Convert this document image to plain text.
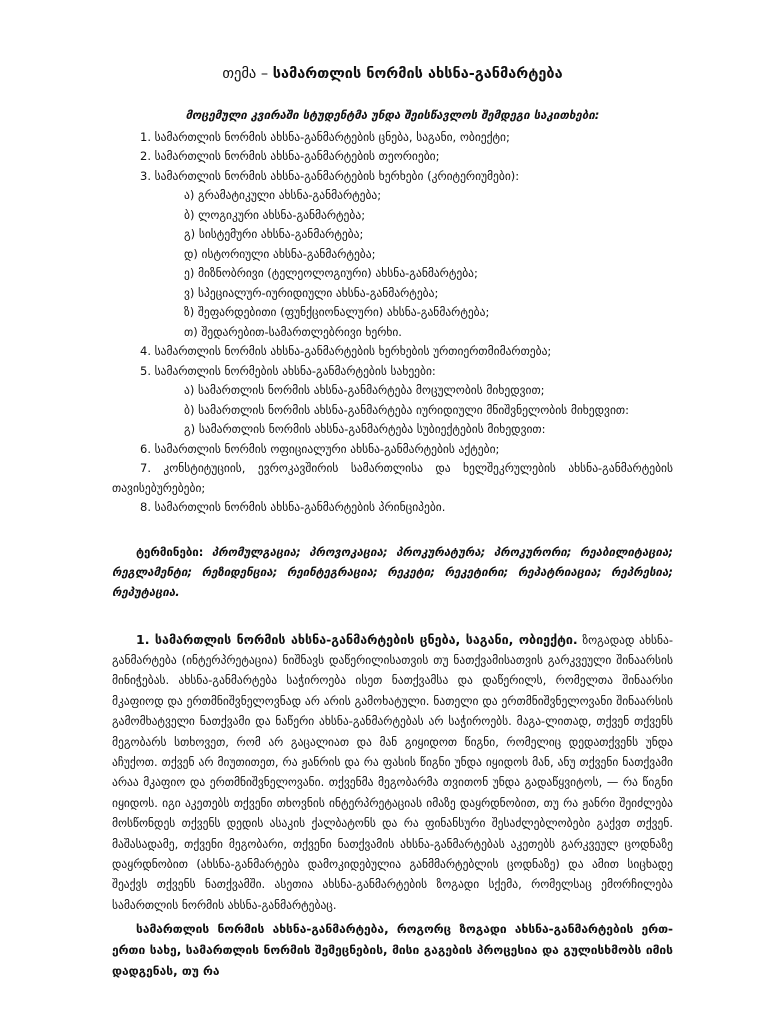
თემა – სამართლის ნორმის ახსნა-განმარტება
მოცემული კვირაში სტუდენტმა უნდა შეისწავლოს შემდეგი საკითხები:
1. სამართლის ნორმის ახსნა-განმარტების ცნება, საგანი, ობიექტი;
2. სამართლის ნორმის ახსნა-განმარტების თეორიები;
3. სამართლის ნორმის ახსნა-განმარტების ხერხები (კრიტერიუმები):
ა) გრამატიკული ახსნა-განმარტება;
ბ) ლოგიკური ახსნა-განმარტება;
გ) სისტემური ახსნა-განმარტება;
დ) ისტორიული ახსნა-განმარტება;
ე) მიზნობრივი (ტელეოლოგიური) ახსნა-განმარტება;
ვ) სპეციალურ-იურიდიული ახსნა-განმარტება;
ზ) შეფარდებითი (ფუნქციონალური) ახსნა-განმარტება;
თ) შედარებით-სამართლებრივი ხერხი.
4. სამართლის ნორმის ახსნა-განმარტების ხერხების ურთიერთმიმართება;
5. სამართლის ნორმების ახსნა-განმარტების სახეები:
ა) სამართლის ნორმის ახსნა-განმარტება მოცულობის მიხედვით;
ბ) სამართლის ნორმის ახსნა-განმარტება იურიდიული მნიშვნელობის მიხედვით:
გ) სამართლის ნორმის ახსნა-განმარტება სუბიექტების მიხედვით:
6. სამართლის ნორმის ოფიციალური ახსნა-განმარტების აქტები;
7. კონსტიტუციის, ევროკავშირის სამართლისა და ხელშეკრულების ახსნა-განმარტების თავისებურებები;
8. სამართლის ნორმის ახსნა-განმარტების პრინციპები.
ტერმინები: პრომულგაცია; პროვოკაცია; პროკურატურა; პროკურორი; რეაბილიტაცია; რეგლამენტი; რეზიდენცია; რეინტეგრაცია; რეკეტი; რეკეტირი; რეპატრიაცია; რეპრესია; რეპუტაცია.
1. სამართლის ნორმის ახსნა-განმარტების ცნება, საგანი, ობიექტი. ზოგადად ახსნა-განმარტება (ინტერპრეტაცია) ნიშნავს დაწერილისათვის თუ ნათქვამისათვის გარკვეული შინაარსის მინიჭებას. ახსნა-განმარტება საჭიროება ისეთ ნათქვამსა და დაწერილს, რომელთა შინაარსი მკაფიოდ და ერთმნიშვნელოვნად არ არის გამოხატული. ნათელი და ერთმნიშვნელოვანი შინაარსის გამომხატველი ნათქვამი და ნაწერი ახსნა-განმარტებას არ საჭიროებს. მაგა-ლითად, თქვენ თქვენს მეგობარს სთხოვეთ, რომ არ გაცალიათ და მან გიყიდოთ წიგნი, რომელიც დედათქვენს უნდა აჩუქოთ. თქვენ არ მიუთითეთ, რა ჟანრის და რა ფასის წიგნი უნდა იყიდოს მან, ანუ თქვენი ნათქვამი არაა მკაფიო და ერთმნიშვნელოვანი. თქვენმა მეგობარმა თვითონ უნდა გადაწყვიტოს, — რა წიგნი იყიდოს. იგი აკეთებს თქვენი თხოვნის ინტერპრეტაციას იმაზე დაყრდნობით, თუ რა ჟანრი შეიძლება მოსწონდეს თქვენს დედის ასაკის ქალბატონს და რა ფინანსური შესაძლებლობები გაქვთ თქვენ. მაშასადამე, თქვენი მეგობარი, თქვენი ნათქვამის ახსნა-განმარტებას აკეთებს გარკვეულ ცოდნაზე დაყრდნობით (ახსნა-განმარტება დამოკიდებულია განმმარტებლის ცოდნაზე) და ამით სიცხადე შეაქვს თქვენს ნათქვამში. ასეთია ახსნა-განმარტების ზოგადი სქემა, რომელსაც ემორჩილება სამართლის ნორმის ახსნა-განმარტებაც.
სამართლის ნორმის ახსნა-განმარტება, როგორც ზოგადი ახსნა-განმარტების ერთ-ერთი სახე, სამართლის ნორმის შემეცნების, მისი გაგების პროცესია და გულისხმობს იმის დადგენას, თუ რა
